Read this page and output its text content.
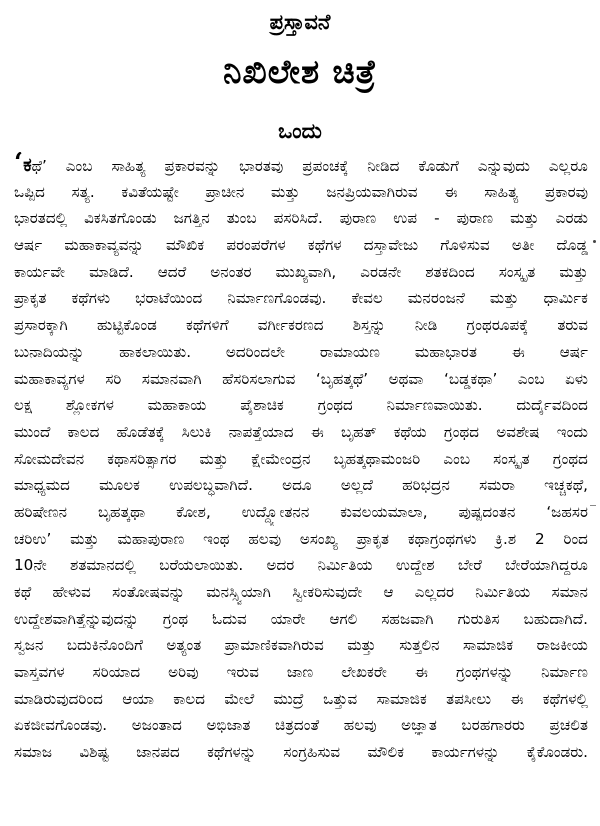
ಪ್ರಸ್ತಾವನೆ
ನಿಖಿಲೇಶ ಚಿತ್ರೆ
ಒಂದು
‘ಕಥೆ’ ಎಂಬ ಸಾಹಿತ್ಯ ಪ್ರಕಾರವನ್ನು ಭಾರತವು ಪ್ರಪಂಚಕ್ಕೆ ನೀಡಿದ ಕೊಡುಗೆ ಎನ್ನುವುದು ಎಲ್ಲರೂ
ಒಪ್ಪಿದ ಸತ್ಯ. ಕವಿತೆಯಷ್ಟೇ ಪ್ರಾಚೀನ ಮತ್ತು ಜನಪ್ರಿಯವಾಗಿರುವ ಈ ಸಾಹಿತ್ಯ ಪ್ರಕಾರವು
ಭಾರತದಲ್ಲಿ ವಿಕಸಿತಗೊಂಡು ಜಗತ್ತಿನ ತುಂಬ ಪಸರಿಸಿದೆ. ಪುರಾಣ ಉಪ - ಪುರಾಣ ಮತ್ತು ಎರಡು
ಆರ್ಷ ಮಹಾಕಾವ್ಯವನ್ನು ಮೌಖಿಕ ಪರಂಪರೆಗಳ ಕಥೆಗಳ ದಸ್ತಾವೇಜು ಗೊಳಿಸುವ ಅತೀ ದೊಡ್ಡ
ಕಾರ್ಯವೇ ಮಾಡಿದೆ. ಆದರೆ ಅನಂತರ ಮುಖ್ಯವಾಗಿ, ಎರಡನೇ ಶತಕದಿಂದ ಸಂಸ್ಕೃತ ಮತ್ತು
ಪ್ರಾಕೃತ ಕಥೆಗಳು ಭರಾಟೆಯಿಂದ ನಿರ್ಮಾಣಗೊಂಡವು. ಕೇವಲ ಮನರಂಜನೆ ಮತ್ತು ಧಾರ್ಮಿಕ
ಪ್ರಸಾರಕ್ಕಾಗಿ ಹುಟ್ಟಿಕೊಂಡ ಕಥೆಗಳಿಗೆ ವರ್ಗೀಕರಣದ ಶಿಸ್ತನ್ನು ನೀಡಿ ಗ್ರಂಥರೂಪಕ್ಕೆ ತರುವ
ಬುನಾದಿಯನ್ನು ಹಾಕಲಾಯಿತು. ಅದರಿಂದಲೇ ರಾಮಾಯಣ ಮಹಾಭಾರತ ಈ ಆರ್ಷ
ಮಹಾಕಾವ್ಯಗಳ ಸರಿ ಸಮಾನವಾಗಿ ಹೆಸರಿಸಲಾಗುವ ‘ಬೃಹತ್ಕಥೆ’ ಅಥವಾ ‘ಬಡ್ಡಕಥಾ’ ಎಂಬ ಏಳು
ಲಕ್ಷ ಶ್ಲೋಕಗಳ ಮಹಾಕಾಯ ಪೈಶಾಚಿಕ ಗ್ರಂಥದ ನಿರ್ಮಾಣವಾಯಿತು. ದುರ್ದೈವದಿಂದ
ಮುಂದೆ ಕಾಲದ ಹೊಡೆತಕ್ಕೆ ಸಿಲುಕಿ ನಾಪತ್ತೆಯಾದ ಈ ಬೃಹತ್ ಕಥೆಯ ಗ್ರಂಥದ ಅವಶೇಷ ಇಂದು
ಸೋಮದೇವನ ಕಥಾಸರಿತ್ಸಾಗರ ಮತ್ತು ಕ್ಷೇಮೇಂದ್ರನ ಬೃಹತ್ಕಥಾಮಂಜರಿ ಎಂಬ ಸಂಸ್ಕೃತ ಗ್ರಂಥದ
ಮಾಧ್ಯಮದ ಮೂಲಕ ಉಪಲಬ್ಧವಾಗಿದೆ. ಅದೂ ಅಲ್ಲದೆ ಹರಿಭದ್ರನ ಸಮರಾ ಇಚ್ಚಕಥೆ,
ಹರಿಷೇಣನ ಬೃಹತ್ಕಥಾ ಕೋಶ, ಉದ್ದ್ಯೋತನನ ಕುವಲಯಮಾಲಾ, ಪುಷ್ಪದಂತನ ‘ಜಹಸರ
ಚರಿಉ’ ಮತ್ತು ಮಹಾಪುರಾಣ ಇಂಥ ಹಲವು ಅಸಂಖ್ಯ ಪ್ರಾಕೃತ ಕಥಾಗ್ರಂಥಗಳು ಕ್ರಿ.ಶ 2 ರಿಂದ
10ನೇ ಶತಮಾನದಲ್ಲಿ ಬರೆಯಲಾಯಿತು. ಅದರ ನಿರ್ಮಿತಿಯ ಉದ್ದೇಶ ಬೇರೆ ಬೇರೆಯಾಗಿದ್ದರೂ
ಕಥೆ ಹೇಳುವ ಸಂತೋಷವನ್ನು ಮನಸ್ಸ್ವಿಯಾಗಿ ಸ್ವೀಕರಿಸುವುದೇ ಆ ಎಲ್ಲದರ ನಿರ್ಮಿತಿಯ ಸಮಾನ
ಉದ್ದೇಶವಾಗಿತ್ತೆನ್ನುವುದನ್ನು ಗ್ರಂಥ ಓದುವ ಯಾರೇ ಆಗಲಿ ಸಹಜವಾಗಿ ಗುರುತಿಸ ಬಹುದಾಗಿದೆ.
ಸ್ವಜನ ಬದುಕಿನೊಂದಿಗೆ ಅತ್ಯಂತ ಪ್ರಾಮಾಣಿಕವಾಗಿರುವ ಮತ್ತು ಸುತ್ತಲಿನ ಸಾಮಾಜಿಕ ರಾಜಕೀಯ
ವಾಸ್ತವಗಳ ಸರಿಯಾದ ಅರಿವು ಇರುವ ಜಾಣ ಲೇಖಕರೇ ಈ ಗ್ರಂಥಗಳನ್ನು ನಿರ್ಮಾಣ
ಮಾಡಿರುವುದರಿಂದ ಆಯಾ ಕಾಲದ ಮೇಲೆ ಮುದ್ರೆ ಒತ್ತುವ ಸಾಮಾಜಿಕ ತಪಸೀಲು ಈ ಕಥೆಗಳಲ್ಲಿ
ಏಕಜೀವಗೊಂಡವು. ಅಜಂತಾದ ಅಭಿಜಾತ ಚಿತ್ರದಂತೆ ಹಲವು ಅಜ್ಞಾತ ಬರಹಗಾರರು ಪ್ರಚಲಿತ
ಸಮಾಜ ವಿಶಿಷ್ಟ ಜಾನಪದ ಕಥೆಗಳನ್ನು ಸಂಗ್ರಹಿಸುವ ಮೌಲಿಕ ಕಾರ್ಯಗಳನ್ನು ಕೈಕೊಂಡರು.
